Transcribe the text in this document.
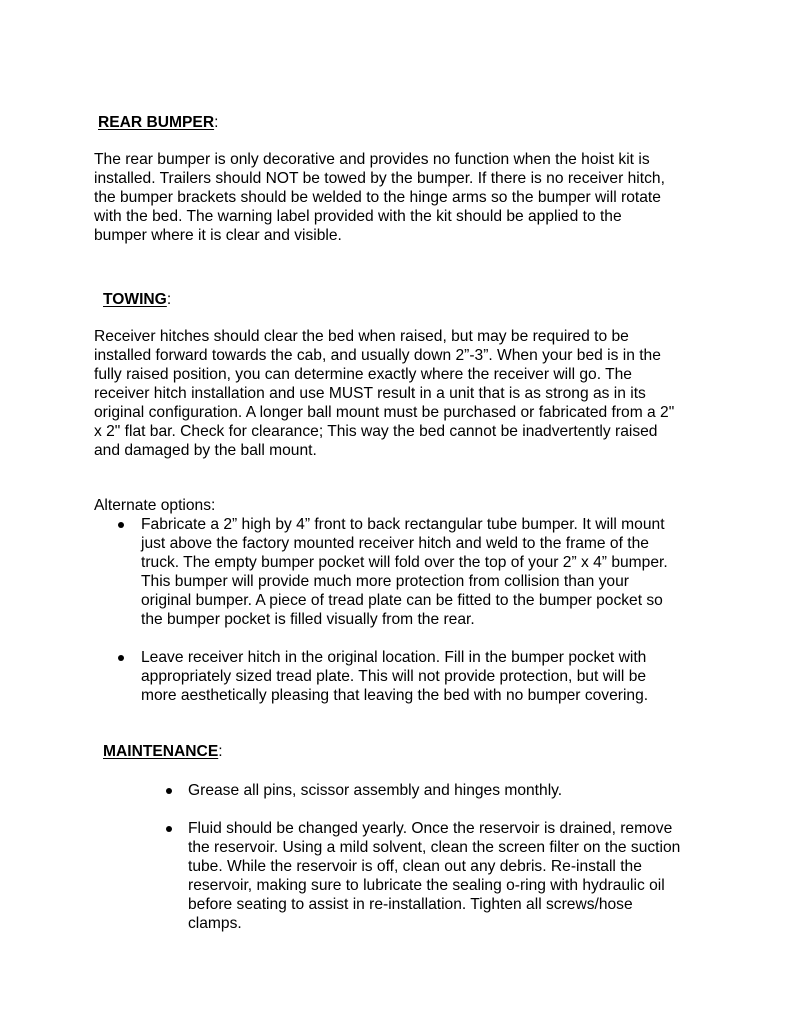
REAR BUMPER:

The rear bumper is only decorative and provides no function when the hoist kit is
installed. Trailers should NOT be towed by the bumper. If there is no receiver hitch,
the bumper brackets should be welded to the hinge arms so the bumper will rotate
with the bed. The warning label provided with the kit should be applied to the
bumper where it is clear and visible.

TOWING:

Receiver hitches should clear the bed when raised, but may be required to be
installed forward towards the cab, and usually down 2”-3”. When your bed is in the
fully raised position, you can determine exactly where the receiver will go. The
receiver hitch installation and use MUST result in a unit that is as strong as in its
original configuration. A longer ball mount must be purchased or fabricated from a 2"
x 2" flat bar. Check for clearance; This way the bed cannot be inadvertently raised
and damaged by the ball mount.

Alternate options:

Fabricate a 2” high by 4” front to back rectangular tube bumper. It will mount
just above the factory mounted receiver hitch and weld to the frame of the
truck. The empty bumper pocket will fold over the top of your 2” x 4” bumper.
This bumper will provide much more protection from collision than your
original bumper. A piece of tread plate can be fitted to the bumper pocket so
the bumper pocket is filled visually from the rear.
Leave receiver hitch in the original location. Fill in the bumper pocket with
appropriately sized tread plate. This will not provide protection, but will be
more aesthetically pleasing that leaving the bed with no bumper covering.
MAINTENANCE:
Grease all pins, scissor assembly and hinges monthly.
Fluid should be changed yearly. Once the reservoir is drained, remove
the reservoir. Using a mild solvent, clean the screen filter on the suction
tube. While the reservoir is off, clean out any debris. Re-install the
reservoir, making sure to lubricate the sealing o-ring with hydraulic oil
before seating to assist in re-installation. Tighten all screws/hose
clamps.
